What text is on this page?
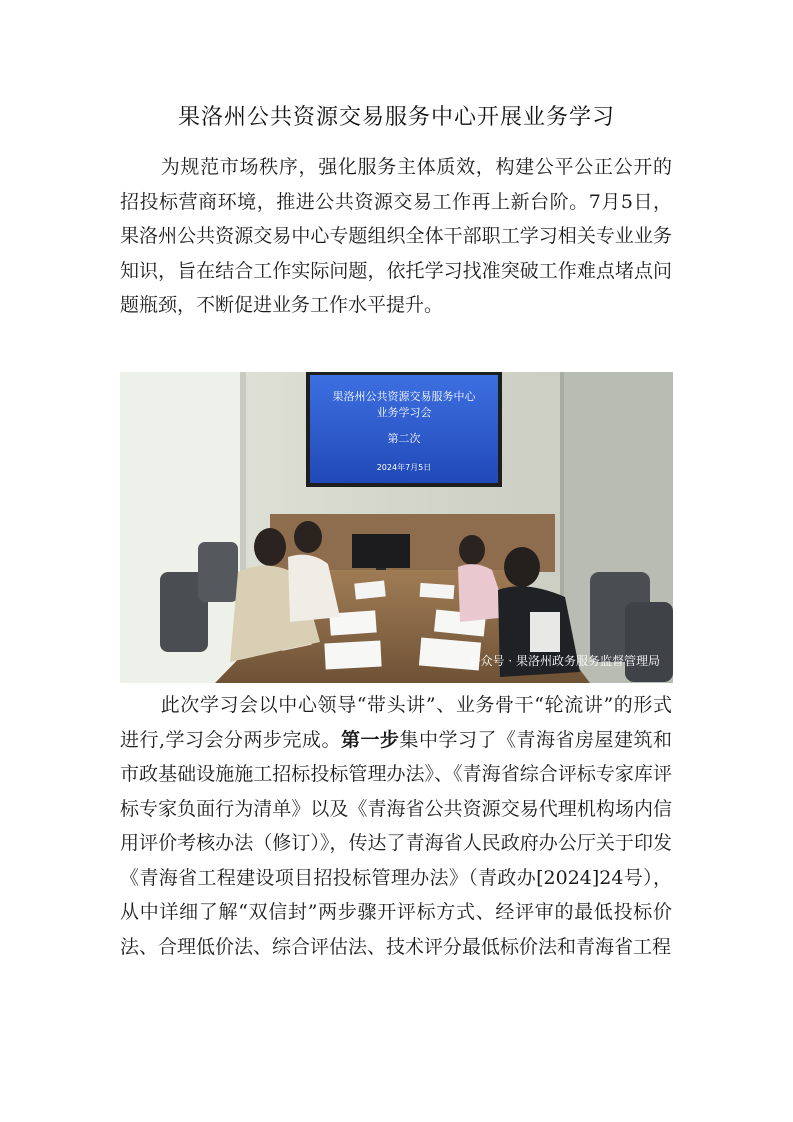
果洛州公共资源交易服务中心开展业务学习
为规范市场秩序，强化服务主体质效，构建公平公正公开的招投标营商环境，推进公共资源交易工作再上新台阶。7月5日，果洛州公共资源交易中心专题组织全体干部职工学习相关专业业务知识，旨在结合工作实际问题，依托学习找准突破工作难点堵点问题瓶颈，不断促进业务工作水平提升。
果洛州公共资源交易服务中心
业务学习会
第二次
2024年7月5日
公众号 · 果洛州政务服务监督管理局
此次学习会以中心领导“带头讲”、业务骨干“轮流讲”的形式进行,学习会分两步完成。第一步集中学习了《青海省房屋建筑和市政基础设施施工招标投标管理办法》、《青海省综合评标专家库评标专家负面行为清单》以及《青海省公共资源交易代理机构场内信用评价考核办法（修订）》，传达了青海省人民政府办公厅关于印发《青海省工程建设项目招投标管理办法》（青政办[2024]24号），从中详细了解“双信封”两步骤开评标方式、经评审的最低投标价法、合理低价法、综合评估法、技术评分最低标价法和青海省工程
